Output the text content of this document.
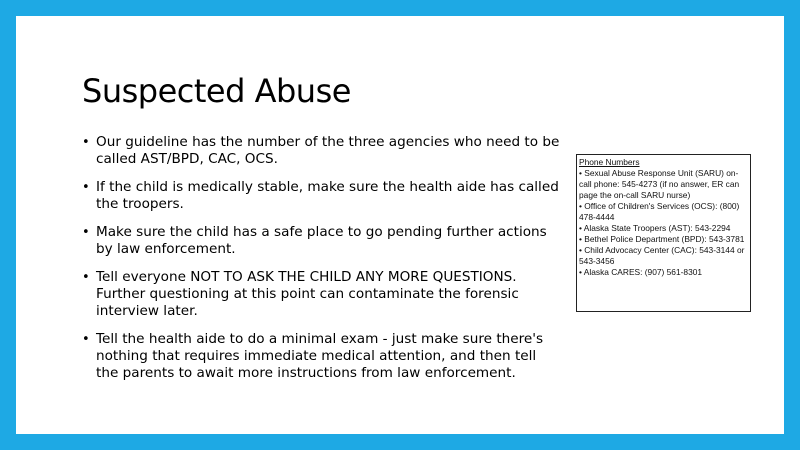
Suspected Abuse
• Our guideline has the number of the three agencies who need to be called AST/BPD, CAC, OCS.
• If the child is medically stable, make sure the health aide has called the troopers.
• Make sure the child has a safe place to go pending further actions by law enforcement.
• Tell everyone NOT TO ASK THE CHILD ANY MORE QUESTIONS. Further questioning at this point can contaminate the forensic interview later.
• Tell the health aide to do a minimal exam - just make sure there's nothing that requires immediate medical attention, and then tell the parents to await more instructions from law enforcement.
Phone Numbers
• Sexual Abuse Response Unit (SARU) on-call phone: 545-4273 (if no answer, ER can page the on-call SARU nurse)
• Office of Children's Services (OCS): (800) 478-4444
• Alaska State Troopers (AST): 543-2294
• Bethel Police Department (BPD): 543-3781
• Child Advocacy Center (CAC): 543-3144 or 543-3456
• Alaska CARES: (907) 561-8301
